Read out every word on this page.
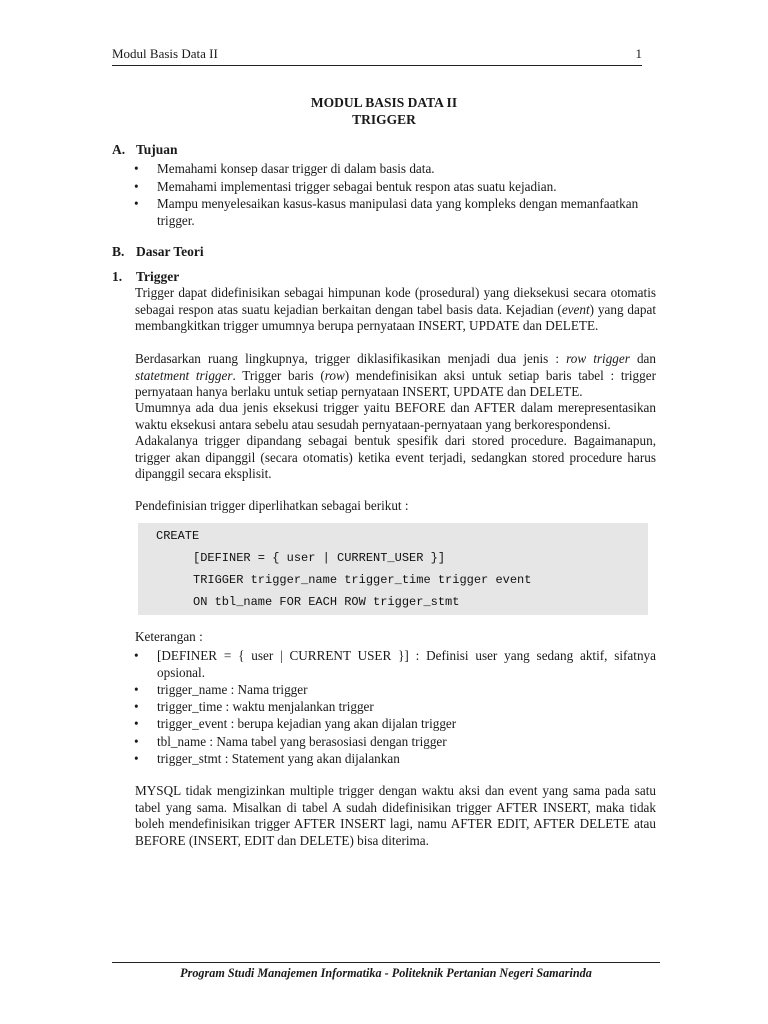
Modul Basis Data II	1
MODUL BASIS DATA II
TRIGGER
A. Tujuan
• Memahami konsep dasar trigger di dalam basis data.
• Memahami implementasi trigger sebagai bentuk respon atas suatu kejadian.
• Mampu menyelesaikan kasus-kasus manipulasi data yang kompleks dengan memanfaatkan trigger.
B. Dasar Teori
1. Trigger
Trigger dapat didefinisikan sebagai himpunan kode (prosedural) yang dieksekusi secara otomatis sebagai respon atas suatu kejadian berkaitan dengan tabel basis data. Kejadian (event) yang dapat membangkitkan trigger umumnya berupa pernyataan INSERT, UPDATE dan DELETE.
Berdasarkan ruang lingkupnya, trigger diklasifikasikan menjadi dua jenis : row trigger dan statetment trigger. Trigger baris (row) mendefinisikan aksi untuk setiap baris tabel : trigger pernyataan hanya berlaku untuk setiap pernyataan INSERT, UPDATE dan DELETE.
Umumnya ada dua jenis eksekusi trigger yaitu BEFORE dan AFTER dalam merepresentasikan waktu eksekusi antara sebelu atau sesudah pernyataan-pernyataan yang berkorespondensi.
Adakalanya trigger dipandang sebagai bentuk spesifik dari stored procedure. Bagaimanapun, trigger akan dipanggil (secara otomatis) ketika event terjadi, sedangkan stored procedure harus dipanggil secara eksplisit.
Pendefinisian trigger diperlihatkan sebagai berikut :
CREATE
[DEFINER = { user | CURRENT_USER }]
TRIGGER trigger_name trigger_time trigger event
ON tbl_name FOR EACH ROW trigger_stmt
Keterangan :
• [DEFINER = { user | CURRENT USER }] : Definisi user yang sedang aktif, sifatnya opsional.
• trigger_name : Nama trigger
• trigger_time : waktu menjalankan trigger
• trigger_event : berupa kejadian yang akan dijalan trigger
• tbl_name : Nama tabel yang berasosiasi dengan trigger
• trigger_stmt : Statement yang akan dijalankan
MYSQL tidak mengizinkan multiple trigger dengan waktu aksi dan event yang sama pada satu tabel yang sama. Misalkan di tabel A sudah didefinisikan trigger AFTER INSERT, maka tidak boleh mendefinisikan trigger AFTER INSERT lagi, namu AFTER EDIT, AFTER DELETE atau BEFORE (INSERT, EDIT dan DELETE) bisa diterima.
Program Studi Manajemen Informatika - Politeknik Pertanian Negeri Samarinda
